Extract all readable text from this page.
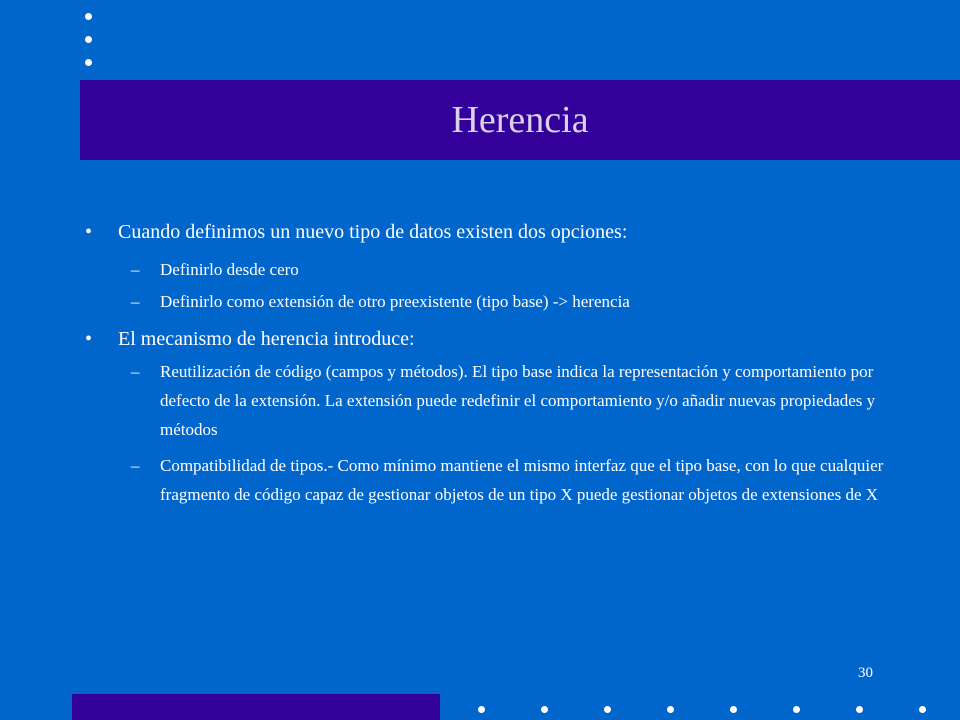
Herencia
• Cuando definimos un nuevo tipo de datos existen dos opciones:
– Definirlo desde cero
– Definirlo como extensión de otro preexistente (tipo base) -> herencia
• El mecanismo de herencia introduce:
– Reutilización de código (campos y métodos). El tipo base indica la representación y comportamiento por defecto de la extensión. La extensión puede redefinir el comportamiento y/o añadir nuevas propiedades y métodos
– Compatibilidad de tipos.- Como mínimo mantiene el mismo interfaz que el tipo base, con lo que cualquier fragmento de código capaz de gestionar objetos de un tipo X puede gestionar objetos de extensiones de X
30
